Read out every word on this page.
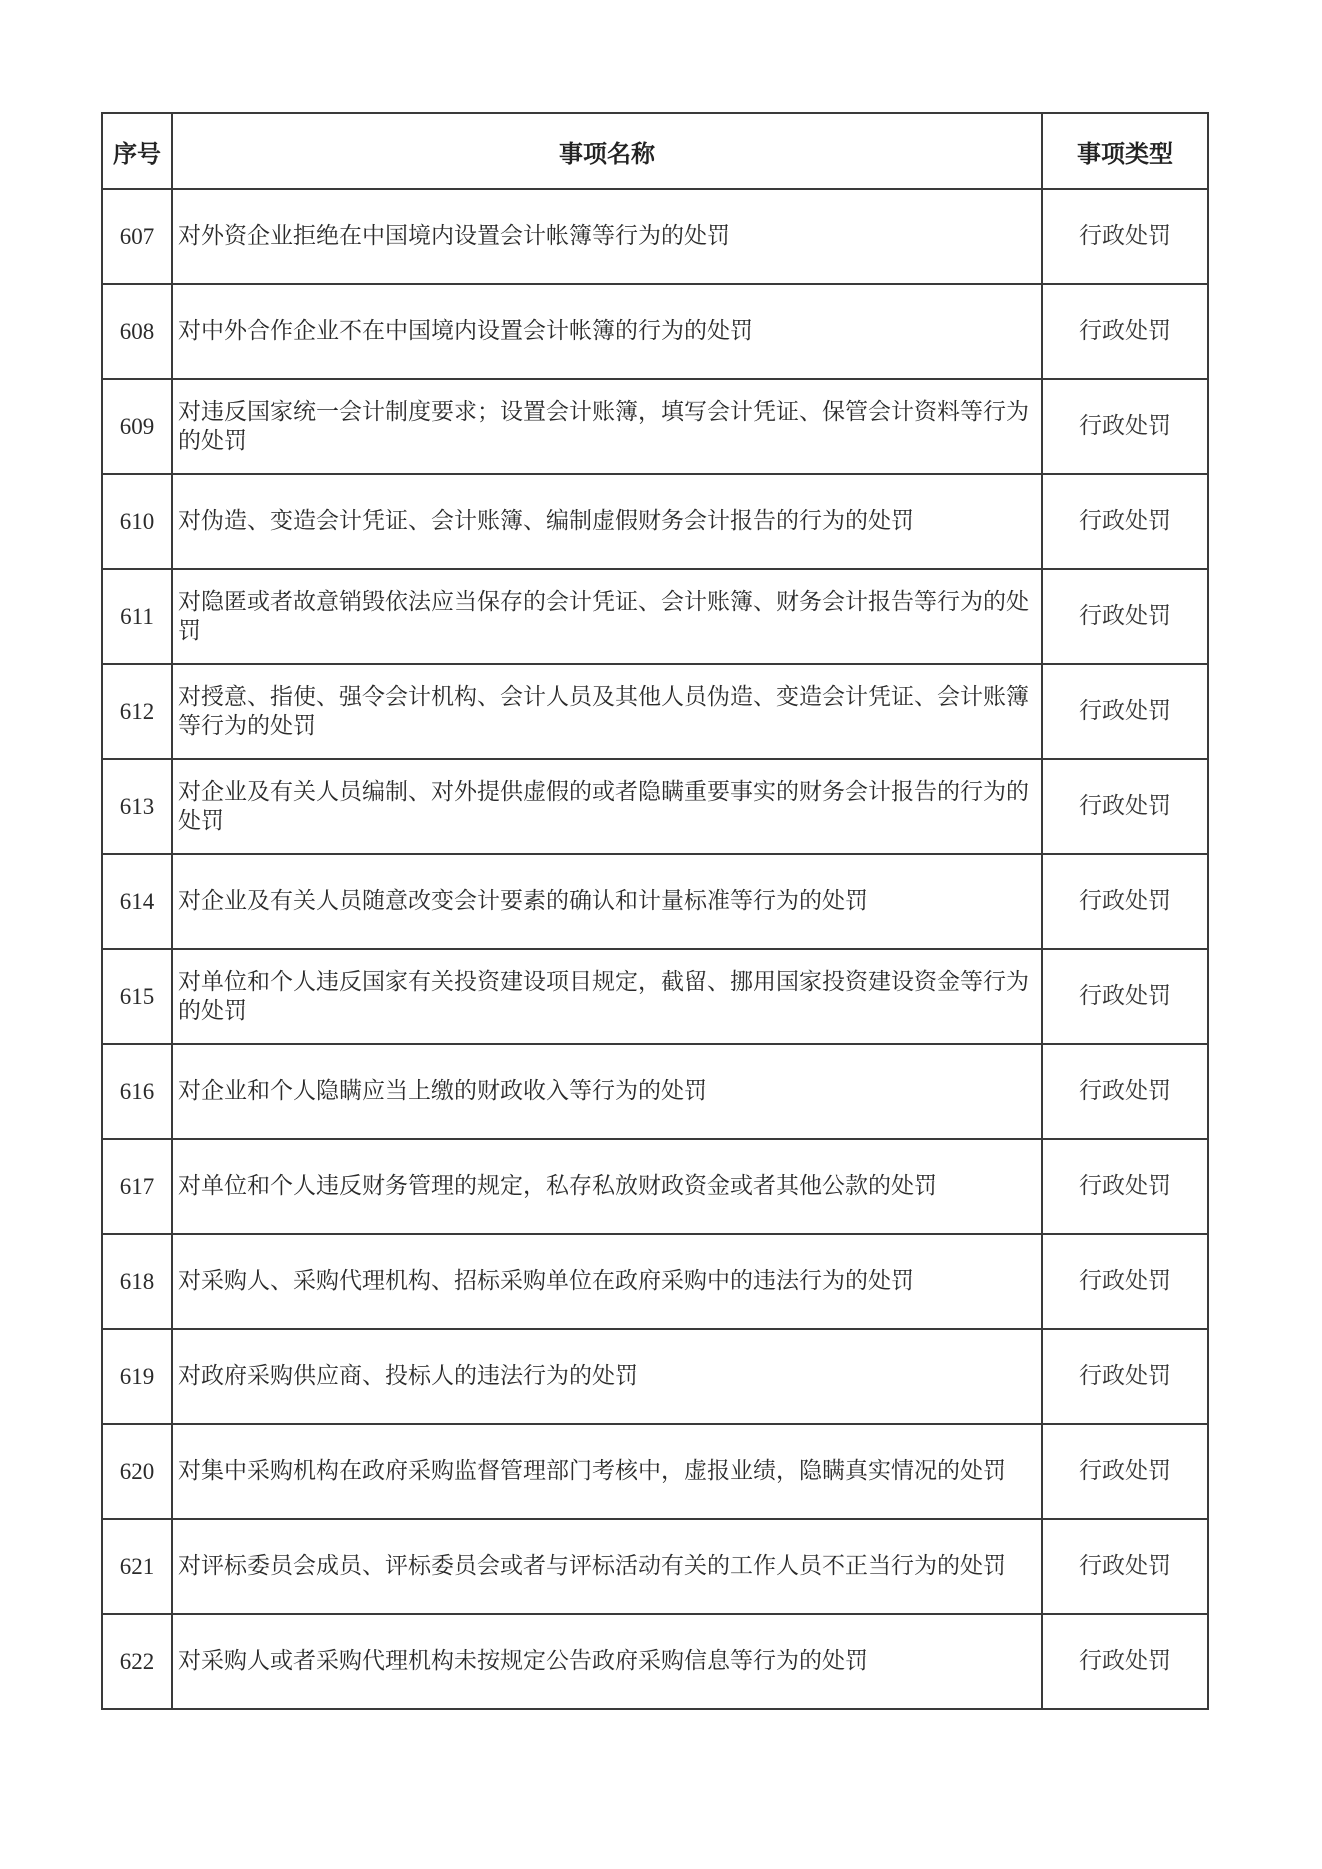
序号	事项名称	事项类型
607	对外资企业拒绝在中国境内设置会计帐簿等行为的处罚	行政处罚
608	对中外合作企业不在中国境内设置会计帐簿的行为的处罚	行政处罚
609	对违反国家统一会计制度要求；设置会计账簿，填写会计凭证、保管会计资料等行为的处罚	行政处罚
610	对伪造、变造会计凭证、会计账簿、编制虚假财务会计报告的行为的处罚	行政处罚
611	对隐匿或者故意销毁依法应当保存的会计凭证、会计账簿、财务会计报告等行为的处罚	行政处罚
612	对授意、指使、强令会计机构、会计人员及其他人员伪造、变造会计凭证、会计账簿等行为的处罚	行政处罚
613	对企业及有关人员编制、对外提供虚假的或者隐瞒重要事实的财务会计报告的行为的处罚	行政处罚
614	对企业及有关人员随意改变会计要素的确认和计量标准等行为的处罚	行政处罚
615	对单位和个人违反国家有关投资建设项目规定，截留、挪用国家投资建设资金等行为的处罚	行政处罚
616	对企业和个人隐瞒应当上缴的财政收入等行为的处罚	行政处罚
617	对单位和个人违反财务管理的规定，私存私放财政资金或者其他公款的处罚	行政处罚
618	对采购人、采购代理机构、招标采购单位在政府采购中的违法行为的处罚	行政处罚
619	对政府采购供应商、投标人的违法行为的处罚	行政处罚
620	对集中采购机构在政府采购监督管理部门考核中，虚报业绩，隐瞒真实情况的处罚	行政处罚
621	对评标委员会成员、评标委员会或者与评标活动有关的工作人员不正当行为的处罚	行政处罚
622	对采购人或者采购代理机构未按规定公告政府采购信息等行为的处罚	行政处罚
